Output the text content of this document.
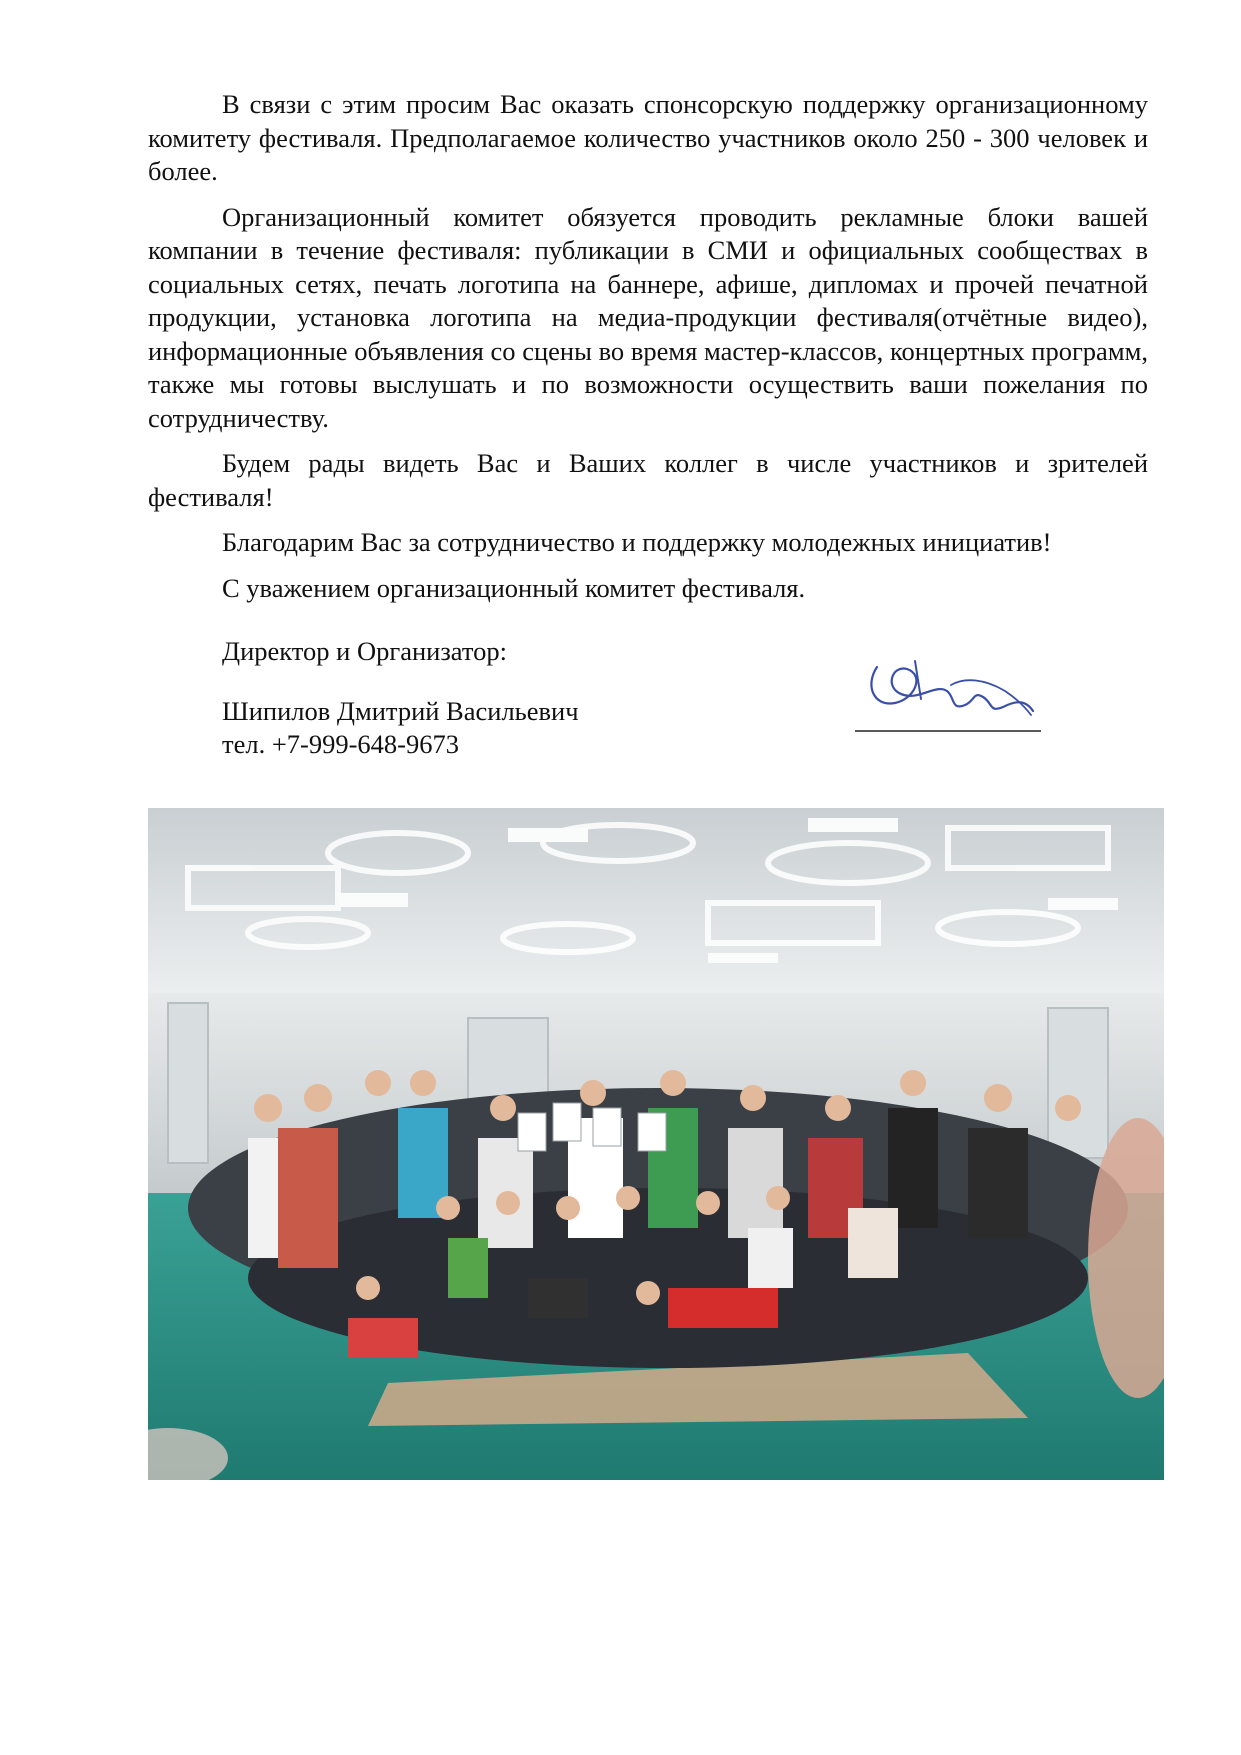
В связи с этим просим Вас оказать спонсорскую поддержку организационному комитету фестиваля. Предполагаемое количество участников около 250 - 300 человек и более.

Организационный комитет обязуется проводить рекламные блоки вашей компании в течение фестиваля: публикации в СМИ и официальных сообществах в социальных сетях, печать логотипа на баннере, афише, дипломах и прочей печатной продукции, установка логотипа на медиа-продукции фестиваля(отчётные видео), информационные объявления со сцены во время мастер-классов, концертных программ, также мы готовы выслушать и по возможности осуществить ваши пожелания по сотрудничеству.

Будем рады видеть Вас и Ваших коллег в числе участников и зрителей фестиваля!

Благодарим Вас за сотрудничество и поддержку молодежных инициатив!
С уважением организационный комитет фестиваля.
Директор и Организатор:
Шипилов Дмитрий Васильевич
тел. +7-999-648-9673
